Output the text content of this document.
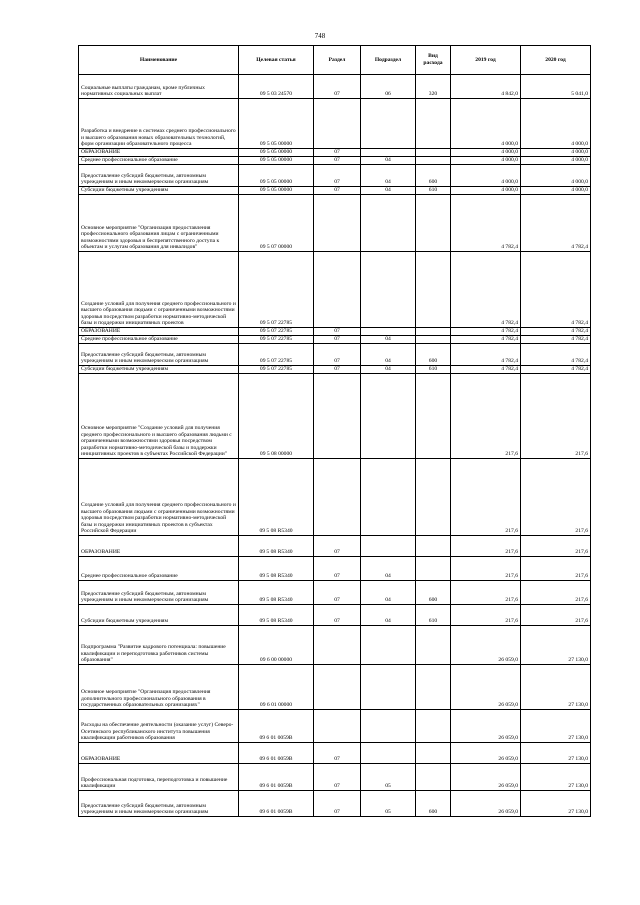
748
Наименование	Целевая статья	Раздел	Подраздел	Вид расхода	2019 год	2020 год
Социальные выплаты гражданам, кроме публичных нормативных социальных выплат	09 5 03 24570	07	06	320	4 842,0	5 041,0
Разработка и внедрение в системах среднего профессионального и высшего образования новых образовательных технологий, форм организации образовательного процесса	09 5 05 00000				4 000,0	4 000,0
ОБРАЗОВАНИЕ	09 5 05 00000	07			4 000,0	4 000,0
Среднее профессиональное образование	09 5 05 00000	07	04		4 000,0	4 000,0
Предоставление субсидий бюджетным, автономным учреждениям и иным некоммерческим организациям	09 5 05 00000	07	04	600	4 000,0	4 000,0
Субсидии бюджетным учреждениям	09 5 05 00000	07	04	610	4 000,0	4 000,0
Основное мероприятие "Организация предоставления профессионального образования лицам с ограниченными возможностями здоровья и беспрепятственного доступа к объектам и услугам образования для инвалидов"	09 5 07 00000				4 782,4	4 782,4
Создание условий для получения среднего профессионального и высшего образования людьми с ограниченными возможностями здоровья посредством разработки нормативно-методической базы и поддержки инициативных проектов	09 5 07 22785				4 782,4	4 782,4
ОБРАЗОВАНИЕ	09 5 07 22785	07			4 782,4	4 782,4
Среднее профессиональное образование	09 5 07 22785	07	04		4 782,4	4 782,4
Предоставление субсидий бюджетным, автономным учреждениям и иным некоммерческим организациям	09 5 07 22785	07	04	600	4 782,4	4 782,4
Субсидии бюджетным учреждениям	09 5 07 22785	07	04	610	4 782,4	4 782,4
Основное мероприятие "Создание условий для получения среднего профессионального и высшего образования людьми с ограниченными возможностями здоровья посредством разработки нормативно-методической базы и поддержки инициативных проектов в субъектах Российской Федерации"	09 5 08 00000				217,6	217,6
Создание условий для получения среднего профессионального и высшего образования людьми с ограниченными возможностями здоровья посредством разработки нормативно-методической базы и поддержки инициативных проектов в субъектах Российской Федерации	09 5 08 R5340				217,6	217,6
ОБРАЗОВАНИЕ	09 5 08 R5340	07			217,6	217,6
Среднее профессиональное образование	09 5 08 R5340	07	04		217,6	217,6
Предоставление субсидий бюджетным, автономным учреждениям и иным некоммерческим организациям	09 5 08 R5340	07	04	600	217,6	217,6
Субсидии бюджетным учреждениям	09 5 08 R5340	07	04	610	217,6	217,6
Подпрограмма "Развитие кадрового потенциала: повышение квалификации и переподготовка работников системы образования"	09 6 00 00000				26 059,0	27 130,0
Основное мероприятие "Организация предоставления дополнительного профессионального образования в государственных образовательных организациях"	09 6 01 00000				26 059,0	27 130,0
Расходы на обеспечение деятельности (оказание услуг) Северо-Осетинского республиканского института повышения квалификации работников образования	09 6 01 0059В				26 059,0	27 130,0
ОБРАЗОВАНИЕ	09 6 01 0059В	07			26 059,0	27 130,0
Профессиональная подготовка, переподготовка и повышение квалификации	09 6 01 0059В	07	05		26 059,0	27 130,0
Предоставление субсидий бюджетным, автономным учреждениям и иным некоммерческим организациям	09 6 01 0059В	07	05	600	26 059,0	27 130,0
